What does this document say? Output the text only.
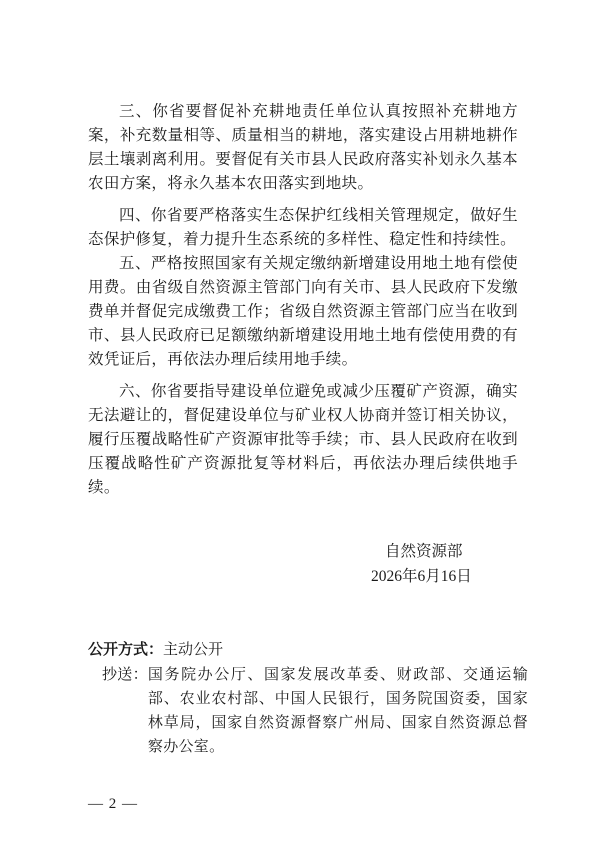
三、你省要督促补充耕地责任单位认真按照补充耕地方案，补充数量相等、质量相当的耕地，落实建设占用耕地耕作层土壤剥离利用。要督促有关市县人民政府落实补划永久基本农田方案，将永久基本农田落实到地块。

四、你省要严格落实生态保护红线相关管理规定，做好生态保护修复，着力提升生态系统的多样性、稳定性和持续性。

五、严格按照国家有关规定缴纳新增建设用地土地有偿使用费。由省级自然资源主管部门向有关市、县人民政府下发缴费单并督促完成缴费工作；省级自然资源主管部门应当在收到市、县人民政府已足额缴纳新增建设用地土地有偿使用费的有效凭证后，再依法办理后续用地手续。

六、你省要指导建设单位避免或减少压覆矿产资源，确实无法避让的，督促建设单位与矿业权人协商并签订相关协议，履行压覆战略性矿产资源审批等手续；市、县人民政府在收到压覆战略性矿产资源批复等材料后，再依法办理后续供地手续。

自然资源部

2026年6月16日

公开方式：主动公开
抄送： 国务院办公厅、国家发展改革委、财政部、交通运输部、农业农村部、中国人民银行，国务院国资委，国家林草局，国家自然资源督察广州局、国家自然资源总督察办公室。
— 2 —
